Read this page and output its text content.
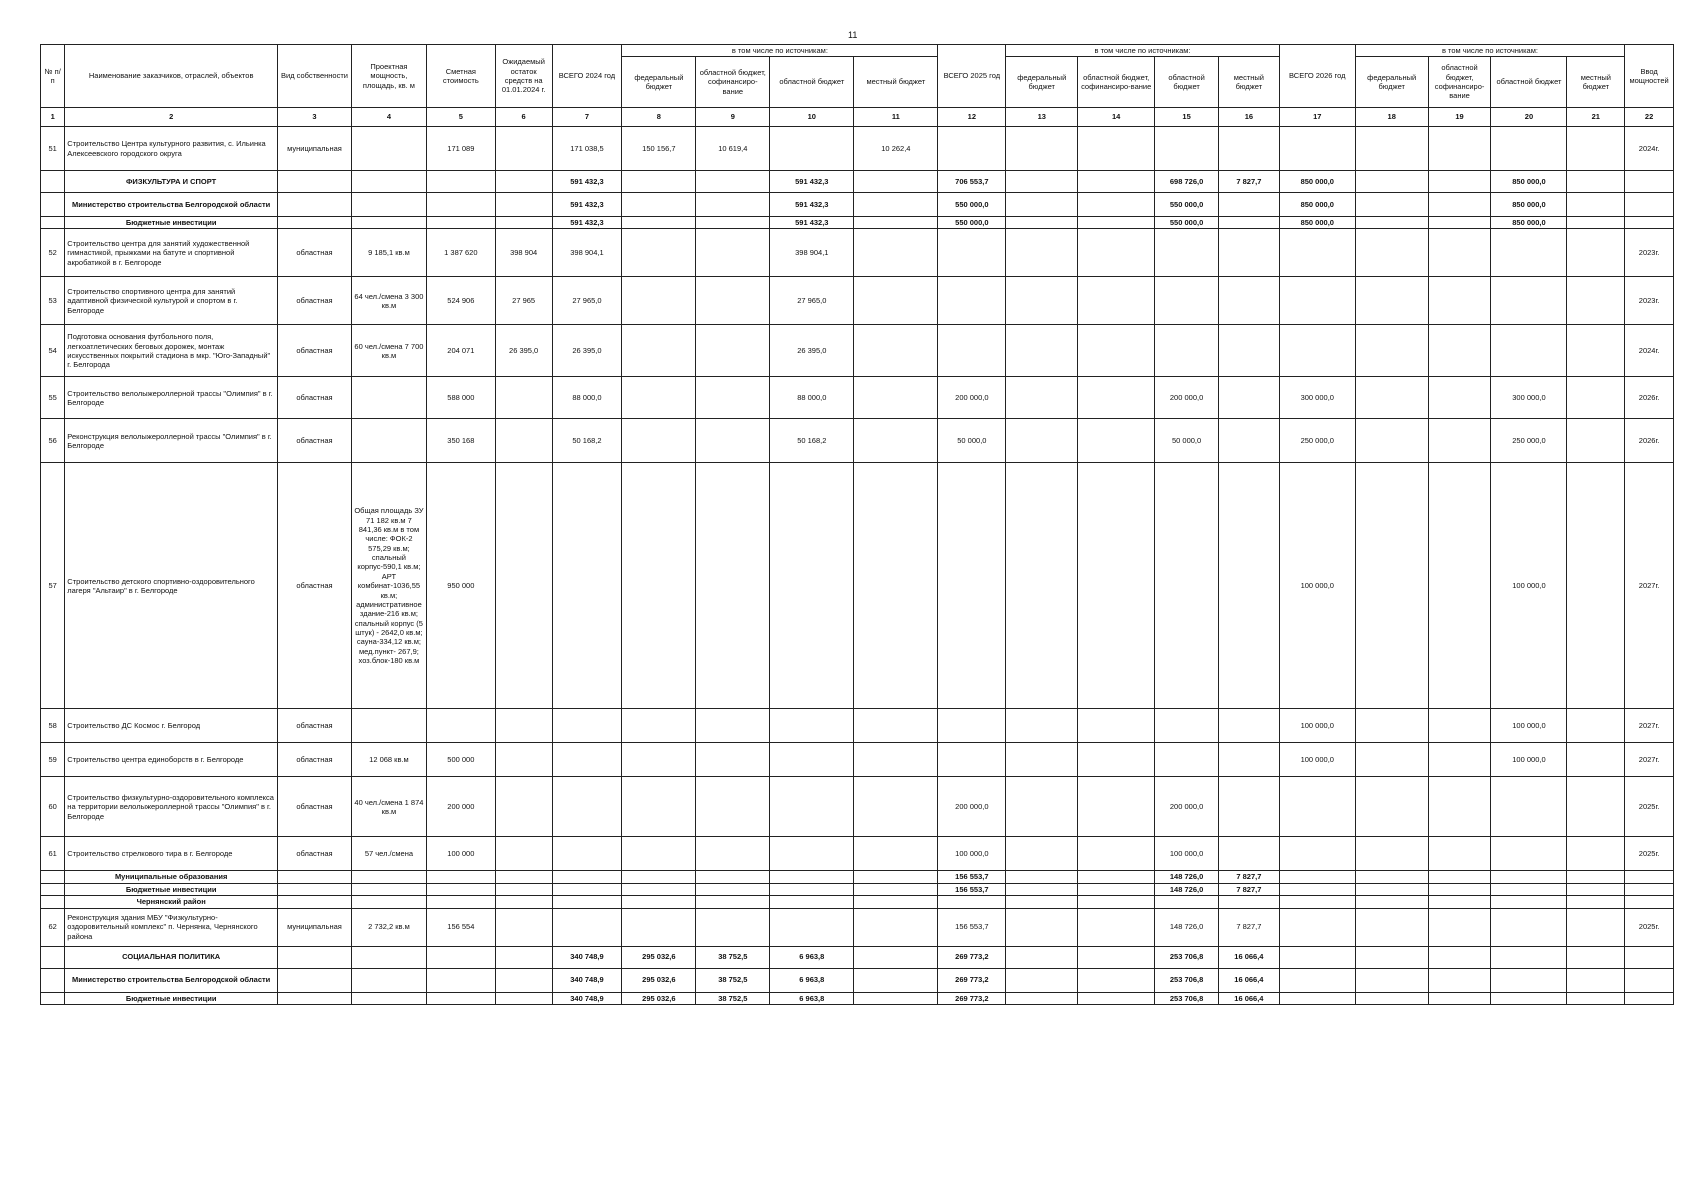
11
№ п/п	Наименование заказчиков, отраслей, объектов	Вид собственности	Проектная мощность, площадь, кв. м	Сметная стоимость	Ожидаемый остаток средств на 01.01.2024 г.	ВСЕГО 2024 год	в том числе по источникам:				ВСЕГО 2025 год	в том числе по источникам:				ВСЕГО 2026 год	в том числе по источникам:				Ввод мощностей
							федеральный бюджет	областной бюджет, софинансиро-вание	областной бюджет	местный бюджет		федеральный бюджет	областной бюджет, софинансиро-вание	областной бюджет	местный бюджет		федеральный бюджет	областной бюджет, софинансиро-вание	областной бюджет	местный бюджет	
1	2	3	4	5	6	7	8	9	10	11	12	13	14	15	16	17	18	19	20	21	22
51	Строительство Центра культурного развития, с. Ильинка Алексеевского городского округа	муниципальная		171 089		171 038,5	150 156,7	10 619,4		10 262,4											2024г.
	ФИЗКУЛЬТУРА И СПОРТ					591 432,3			591 432,3		706 553,7			698 726,0	7 827,7	850 000,0			850 000,0		
	Министерство строительства Белгородской области					591 432,3			591 432,3		550 000,0			550 000,0		850 000,0			850 000,0		
	Бюджетные инвестиции					591 432,3			591 432,3		550 000,0			550 000,0		850 000,0			850 000,0		
52	Строительство центра для занятий художественной гимнастикой, прыжками на батуте и спортивной акробатикой в г. Белгороде	областная	9 185,1 кв.м	1 387 620	398 904	398 904,1			398 904,1												2023г.
53	Строительство спортивного центра для занятий адаптивной физической культурой и спортом в г. Белгороде	областная	64 чел./смена 3 300 кв.м	524 906	27 965	27 965,0			27 965,0												2023г.
54	Подготовка основания футбольного поля, легкоатлетических беговых дорожек, монтаж искусственных покрытий стадиона в мкр. "Юго-Западный" г. Белгорода	областная	60 чел./смена 7 700 кв.м	204 071	26 395,0	26 395,0			26 395,0												2024г.
55	Строительство велолыжероллерной трассы "Олимпия" в г. Белгороде	областная		588 000		88 000,0			88 000,0		200 000,0			200 000,0		300 000,0			300 000,0		2026г.
56	Реконструкция велолыжероллерной трассы "Олимпия" в г. Белгороде	областная		350 168		50 168,2			50 168,2		50 000,0			50 000,0		250 000,0			250 000,0		2026г.
57	Строительство детского спортивно-оздоровительного лагеря "Альтаир" в г. Белгороде	областная	Общая площадь ЗУ 71 182 кв.м 7 841,36 кв.м в том числе: ФОК-2 575,29 кв.м; спальный корпус-590,1 кв.м; АРТ комбинат-1036,55 кв.м; административное здание-216 кв.м; спальный корпус (5 штук) - 2642,0 кв.м; сауна-334,12 кв.м; мед.пункт- 267,9; хоз.блок-180 кв.м	950 000												100 000,0			100 000,0		2027г.
58	Строительство ДС Космос г. Белгород	областная														100 000,0			100 000,0		2027г.
59	Строительство центра единоборств в г. Белгороде	областная	12 068 кв.м	500 000												100 000,0			100 000,0		2027г.
60	Строительство физкультурно-оздоровительного комплекса на территории велолыжероллерной трассы "Олимпия" в г. Белгороде	областная	40 чел./смена 1 874 кв.м	200 000							200 000,0			200 000,0							2025г.
61	Строительство стрелкового тира в г. Белгороде	областная	57 чел./смена	100 000							100 000,0			100 000,0							2025г.
	Муниципальные образования										156 553,7			148 726,0	7 827,7						
	Бюджетные инвестиции										156 553,7			148 726,0	7 827,7						
	Чернянский район																				
62	Реконструкция здания МБУ "Физкультурно-оздоровительный комплекс" п. Чернянка, Чернянского района	муниципальная	2 732,2 кв.м	156 554							156 553,7			148 726,0	7 827,7						2025г.
	СОЦИАЛЬНАЯ ПОЛИТИКА					340 748,9	295 032,6	38 752,5	6 963,8		269 773,2			253 706,8	16 066,4						
	Министерство строительства Белгородской области					340 748,9	295 032,6	38 752,5	6 963,8		269 773,2			253 706,8	16 066,4						
	Бюджетные инвестиции					340 748,9	295 032,6	38 752,5	6 963,8		269 773,2			253 706,8	16 066,4						
